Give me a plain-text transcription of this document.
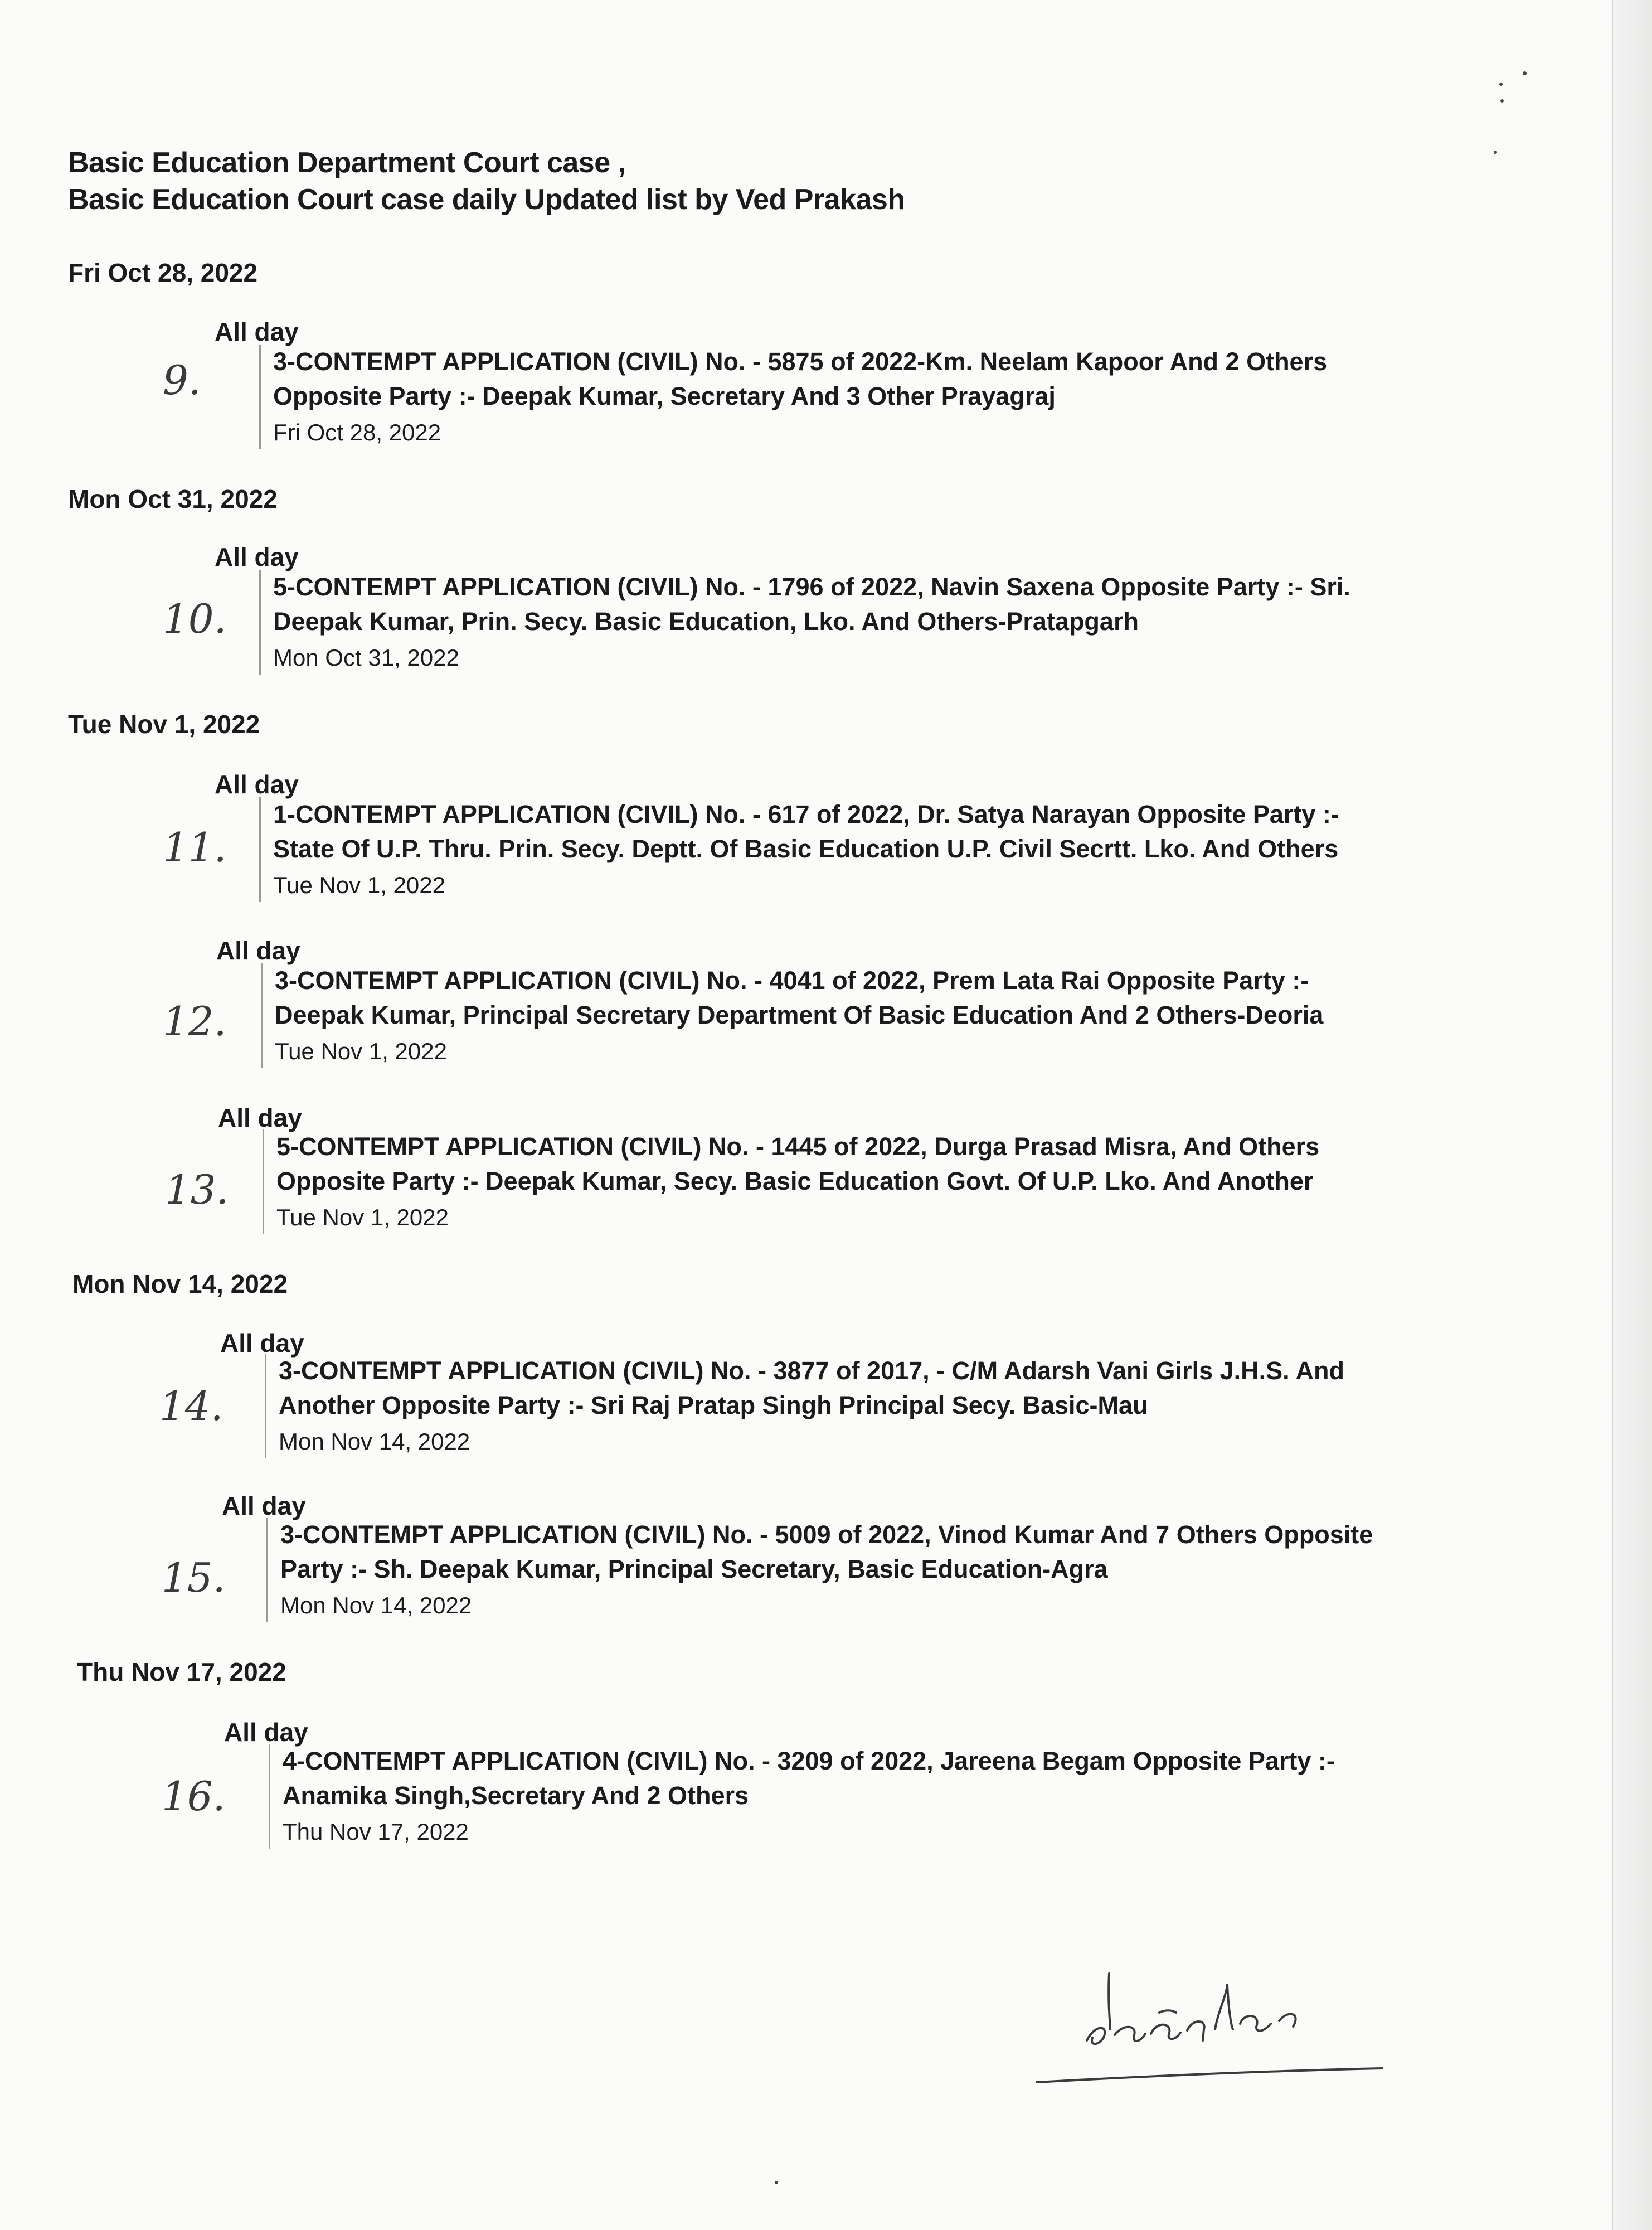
Basic Education Department Court case ,
Basic Education Court case daily Updated list by Ved Prakash
Fri Oct 28, 2022
All day
9.	3-CONTEMPT APPLICATION (CIVIL) No. - 5875 of 2022-Km. Neelam Kapoor And 2 Others
Opposite Party :- Deepak Kumar, Secretary And 3 Other Prayagraj
Fri Oct 28, 2022
Mon Oct 31, 2022
All day
10.
5-CONTEMPT APPLICATION (CIVIL) No. - 1796 of 2022, Navin Saxena Opposite Party :- Sri.
Deepak Kumar, Prin. Secy. Basic Education, Lko. And Others-Pratapgarh
Mon Oct 31, 2022
Tue Nov 1, 2022
All day
11.
1-CONTEMPT APPLICATION (CIVIL) No. - 617 of 2022, Dr. Satya Narayan Opposite Party :-
State Of U.P. Thru. Prin. Secy. Deptt. Of Basic Education U.P. Civil Secrtt. Lko. And Others
Tue Nov 1, 2022
All day
12.
3-CONTEMPT APPLICATION (CIVIL) No. - 4041 of 2022, Prem Lata Rai Opposite Party :-
Deepak Kumar, Principal Secretary Department Of Basic Education And 2 Others-Deoria
Tue Nov 1, 2022
All day
13.
5-CONTEMPT APPLICATION (CIVIL) No. - 1445 of 2022, Durga Prasad Misra, And Others
Opposite Party :- Deepak Kumar, Secy. Basic Education Govt. Of U.P. Lko. And Another
Tue Nov 1, 2022
Mon Nov 14, 2022
All day
14.
3-CONTEMPT APPLICATION (CIVIL) No. - 3877 of 2017, - C/M Adarsh Vani Girls J.H.S. And
Another Opposite Party :- Sri Raj Pratap Singh Principal Secy. Basic-Mau
Mon Nov 14, 2022
All day
15.
3-CONTEMPT APPLICATION (CIVIL) No. - 5009 of 2022, Vinod Kumar And 7 Others Opposite
Party :- Sh. Deepak Kumar, Principal Secretary, Basic Education-Agra
Mon Nov 14, 2022
Thu Nov 17, 2022
All day
16.
4-CONTEMPT APPLICATION (CIVIL) No. - 3209 of 2022, Jareena Begam Opposite Party :-
Anamika Singh,Secretary And 2 Others
Thu Nov 17, 2022
